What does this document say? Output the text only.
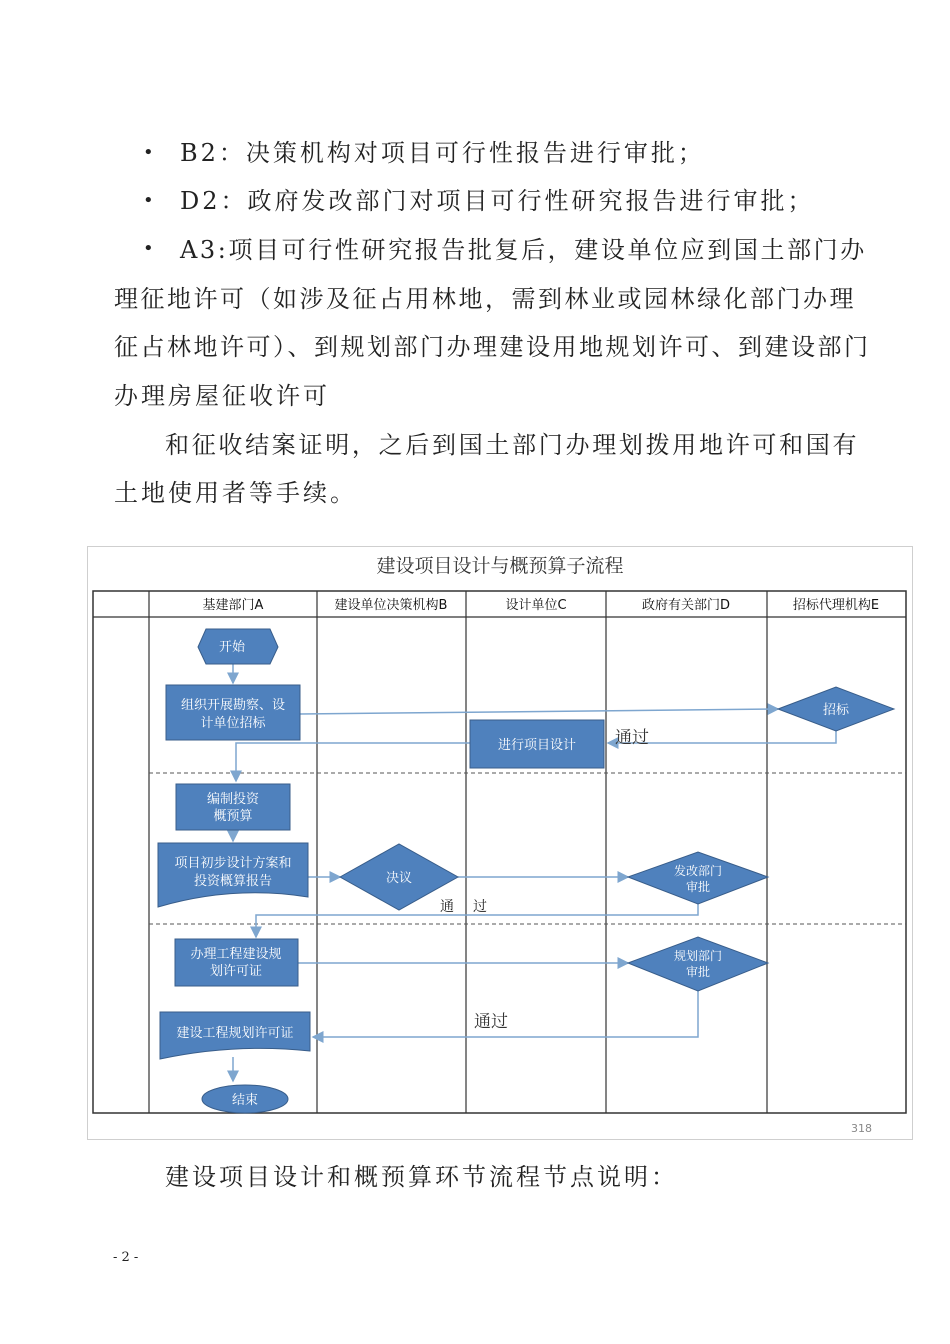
• B2：决策机构对项目可行性报告进行审批；
• D2：政府发改部门对项目可行性研究报告进行审批；
• A3:项目可行性研究报告批复后，建设单位应到国土部门办
理征地许可（如涉及征占用林地，需到林业或园林绿化部门办理
征占林地许可）、到规划部门办理建设用地规划许可、到建设部门
办理房屋征收许可
和征收结案证明，之后到国土部门办理划拨用地许可和国有
土地使用者等手续。
建设项目设计与概预算子流程
基建部门A	建设单位决策机构B	设计单位C	政府有关部门D	招标代理机构E
开始
组织开展勘察、设
计单位招标
招标
进行项目设计 通过
编制投资
概预算
项目初步设计方案和
投资概算报告	决议	发改部门
审批
通 过
办理工程建设规
划许可证
规划部门
审批
通过
建设工程规划许可证
结束
318
建设项目设计和概预算环节流程节点说明：
- 2 -
